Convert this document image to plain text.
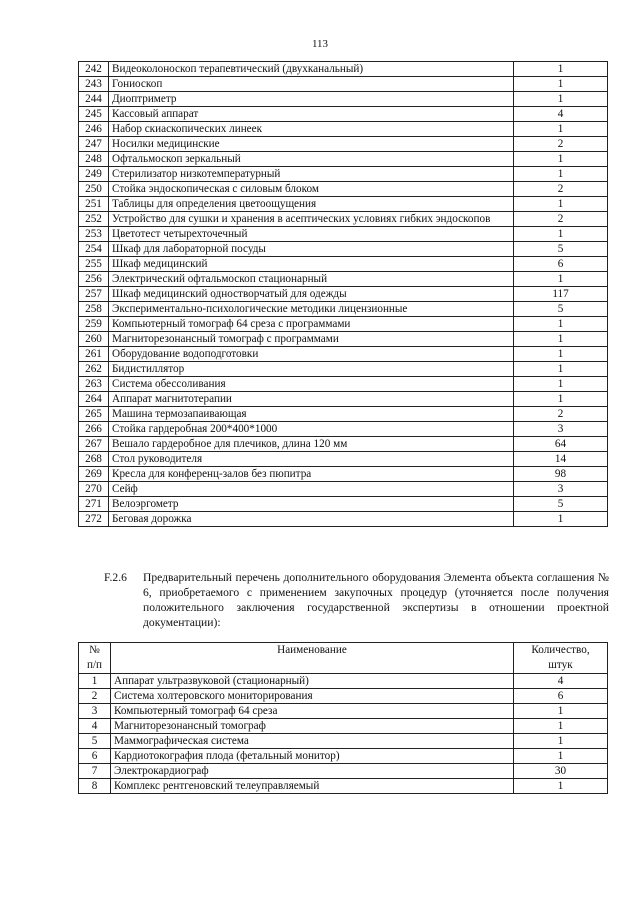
113
242	Видеоколоноскоп терапевтический (двухканальный)	1
243	Гониоскоп	1
244	Диоптриметр	1
245	Кассовый аппарат	4
246	Набор скиаскопических линеек	1
247	Носилки медицинские	2
248	Офтальмоскоп зеркальный	1
249	Стерилизатор низкотемпературный	1
250	Стойка эндоскопическая с силовым блоком	2
251	Таблицы для определения цветоощущения	1
252	Устройство для сушки и хранения в асептических условиях гибких эндоскопов	2
253	Цветотест четырехточечный	1
254	Шкаф для лабораторной посуды	5
255	Шкаф медицинский	6
256	Электрический офтальмоскоп стационарный	1
257	Шкаф медицинский одностворчатый для одежды	117
258	Экспериментально-психологические методики лицензионные	5
259	Компьютерный томограф 64 среза с программами	1
260	Магниторезонансный томограф с программами	1
261	Оборудование водоподготовки	1
262	Бидистиллятор	1
263	Система обессоливания	1
264	Аппарат магнитотерапии	1
265	Машина термозапаивающая	2
266	Стойка гардеробная 200*400*1000	3
267	Вешало гардеробное для плечиков, длина 120 мм	64
268	Стол руководителя	14
269	Кресла для конференц-залов без пюпитра	98
270	Сейф	3
271	Велоэргометр	5
272	Беговая дорожка	1
F.2.6 Предварительный перечень дополнительного оборудования Элемента объекта соглашения № 6, приобретаемого с применением закупочных процедур (уточняется после получения положительного заключения государственной экспертизы в отношении проектной документации):
№
п/п	Наименование	Количество,
штук
1	Аппарат ультразвуковой (стационарный)	4
2	Система холтеровского мониторирования	6
3	Компьютерный томограф 64 среза	1
4	Магниторезонансный томограф	1
5	Маммографическая система	1
6	Кардиотокография плода (фетальный монитор)	1
7	Электрокардиограф	30
8	Комплекс рентгеновский телеуправляемый	1
